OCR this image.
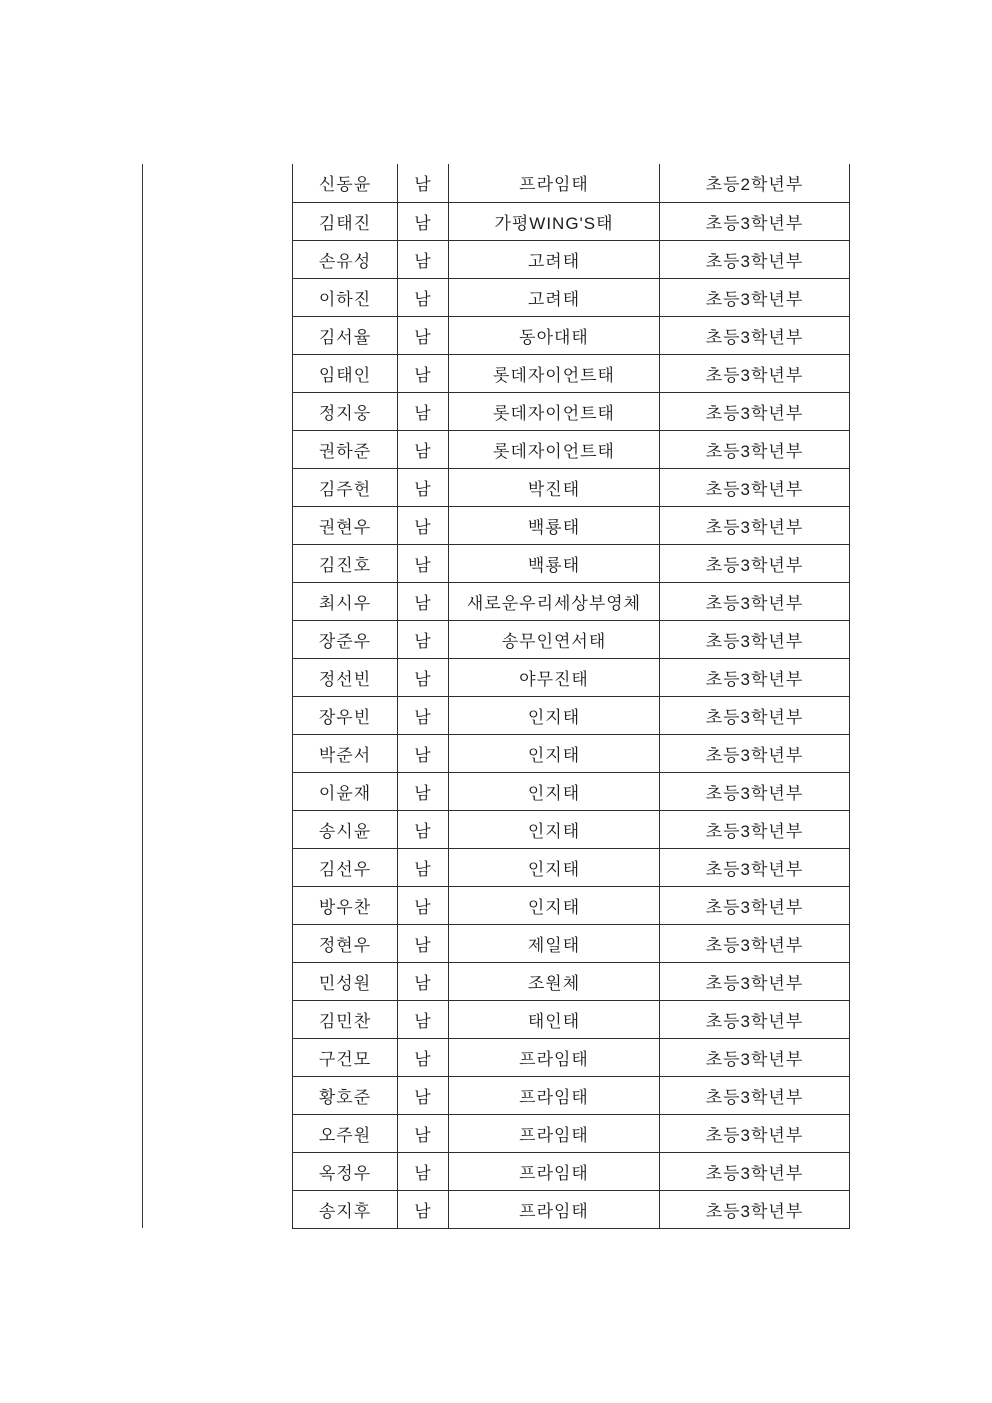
신동윤	남	프라임태	초등2학년부
김태진	남	가평WING'S태	초등3학년부
손유성	남	고려태	초등3학년부
이하진	남	고려태	초등3학년부
김서율	남	동아대태	초등3학년부
임태인	남	롯데자이언트태	초등3학년부
정지웅	남	롯데자이언트태	초등3학년부
권하준	남	롯데자이언트태	초등3학년부
김주헌	남	박진태	초등3학년부
권현우	남	백룡태	초등3학년부
김진호	남	백룡태	초등3학년부
최시우	남	새로운우리세상부영체	초등3학년부
장준우	남	송무인연서태	초등3학년부
정선빈	남	야무진태	초등3학년부
장우빈	남	인지태	초등3학년부
박준서	남	인지태	초등3학년부
이윤재	남	인지태	초등3학년부
송시윤	남	인지태	초등3학년부
김선우	남	인지태	초등3학년부
방우찬	남	인지태	초등3학년부
정현우	남	제일태	초등3학년부
민성원	남	조원체	초등3학년부
김민찬	남	태인태	초등3학년부
구건모	남	프라임태	초등3학년부
황호준	남	프라임태	초등3학년부
오주원	남	프라임태	초등3학년부
옥정우	남	프라임태	초등3학년부
송지후	남	프라임태	초등3학년부
